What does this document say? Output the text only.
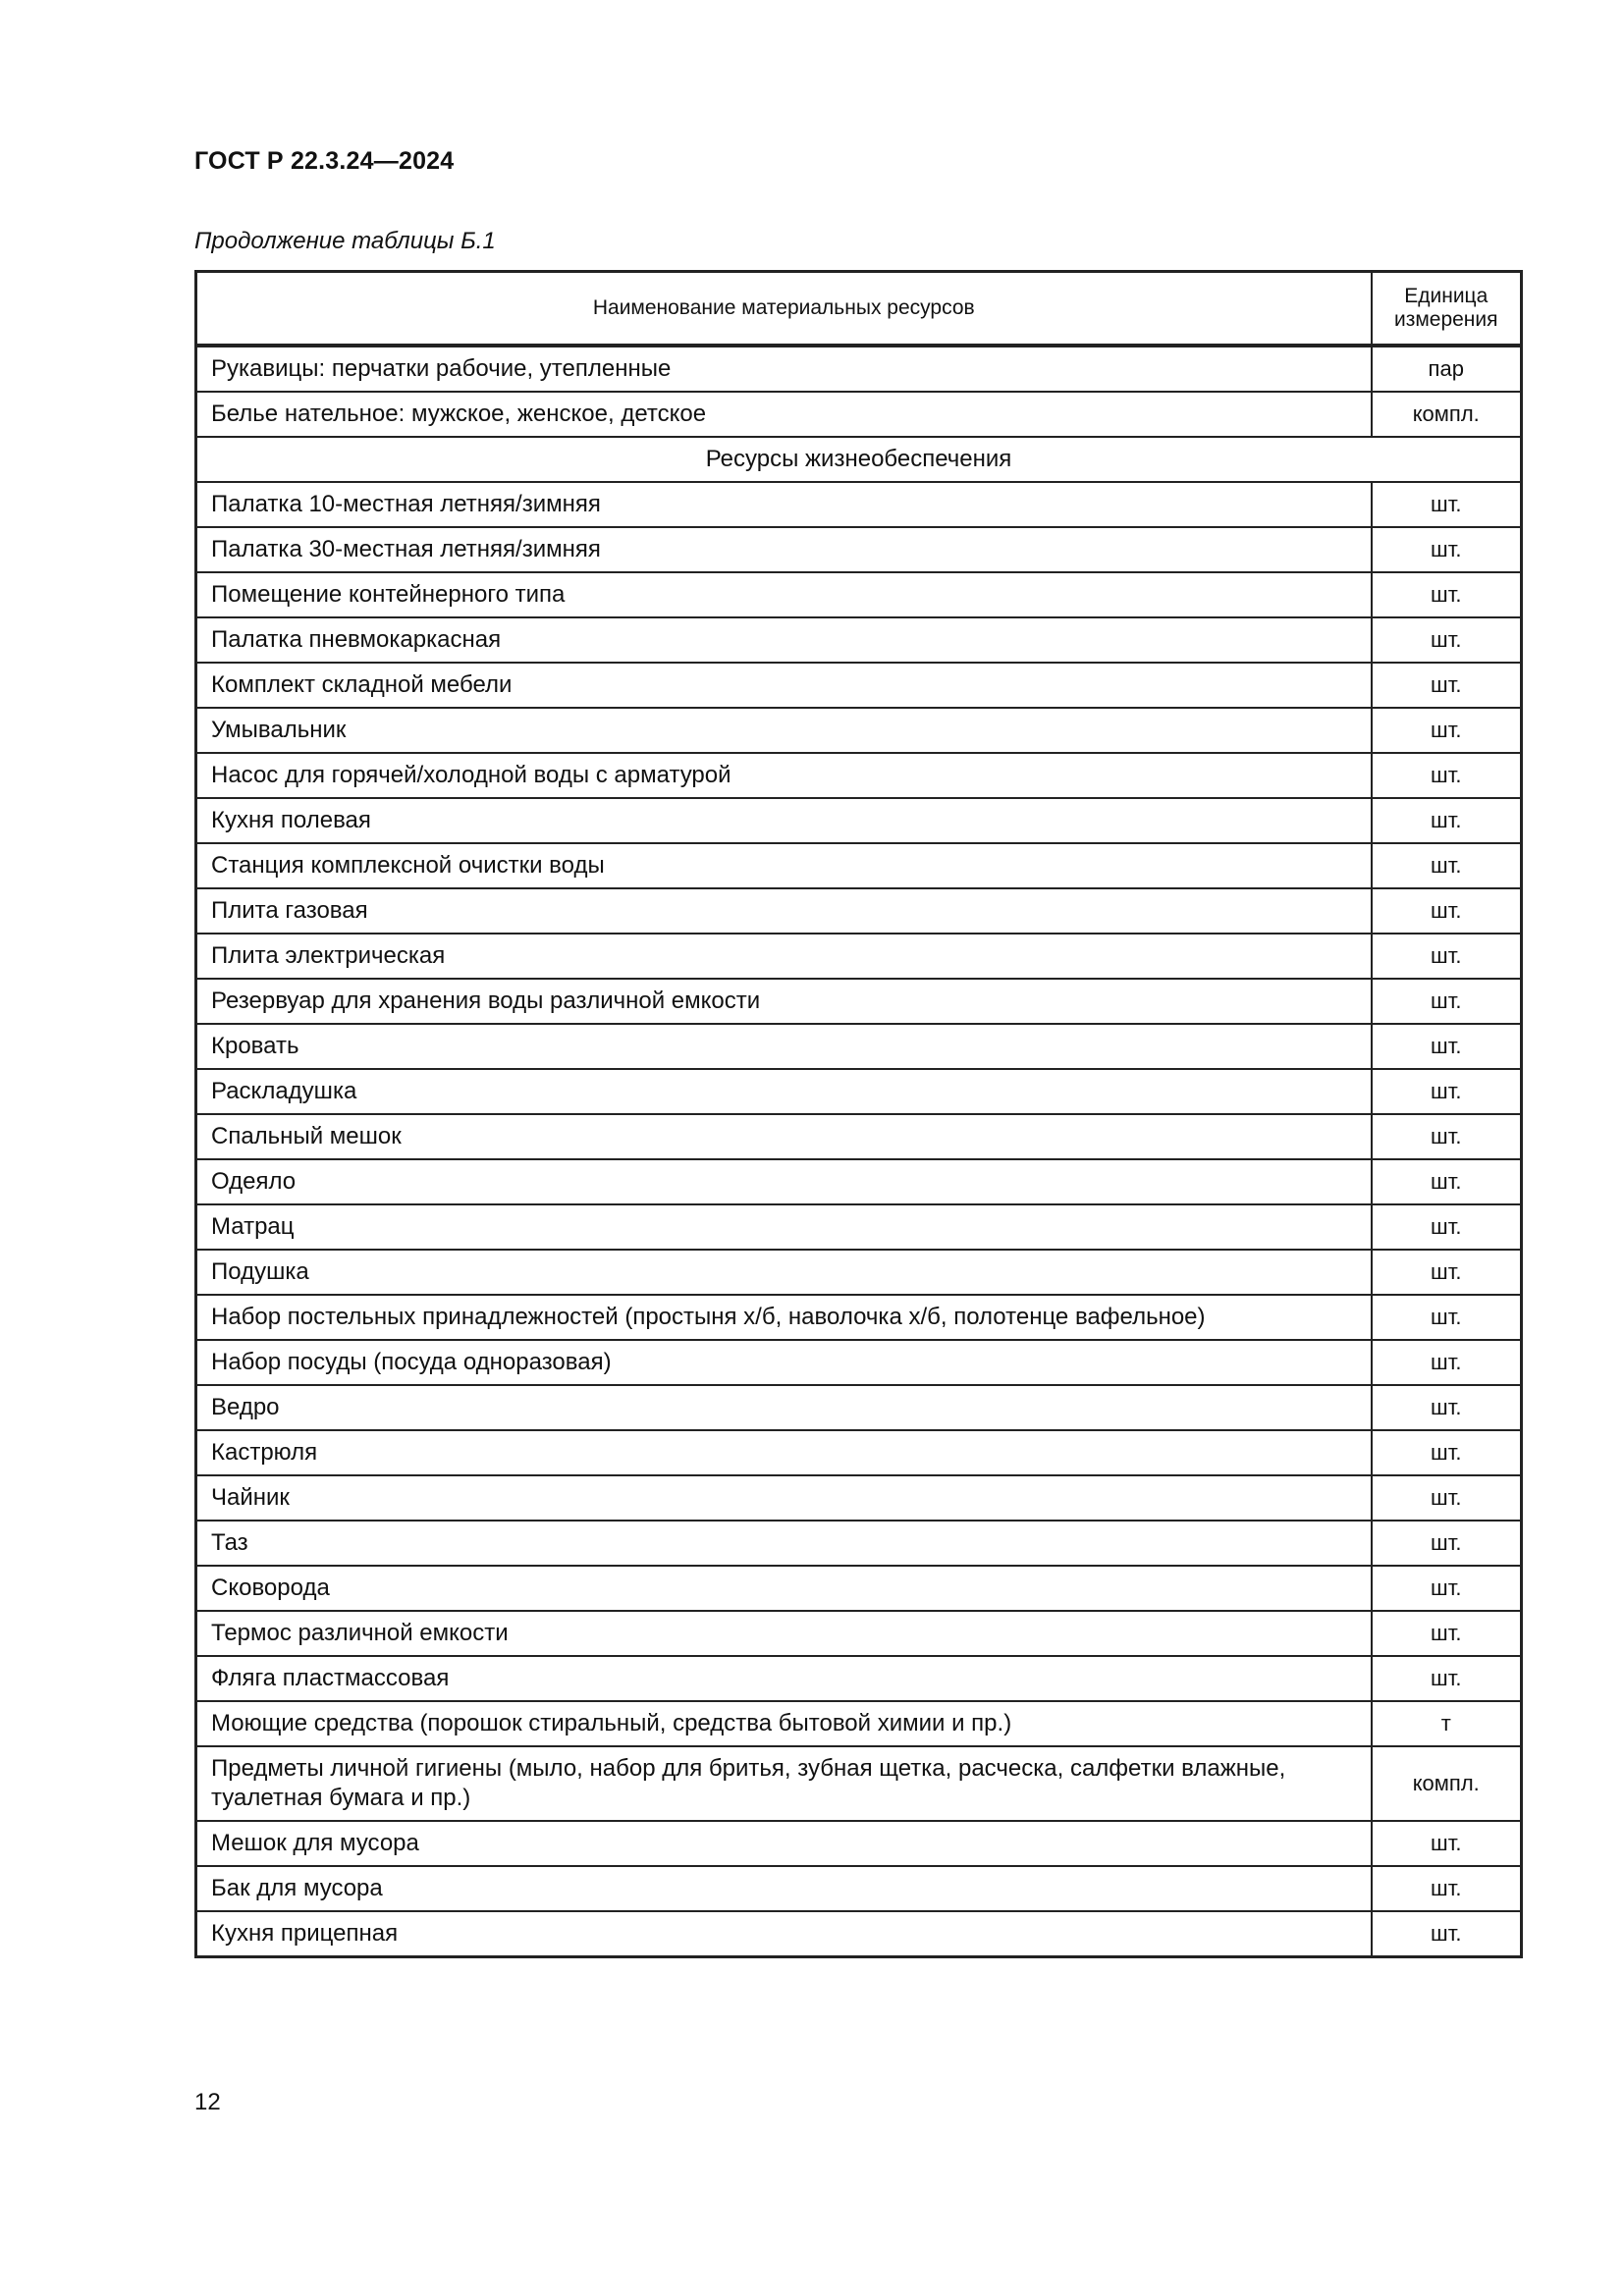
ГОСТ Р 22.3.24—2024
Продолжение таблицы Б.1
Наименование материальных ресурсов	Единица измерения
Рукавицы: перчатки рабочие, утепленные	пар
Белье нательное: мужское, женское, детское	компл.
Ресурсы жизнеобеспечения	
Палатка 10-местная летняя/зимняя	шт.
Палатка 30-местная летняя/зимняя	шт.
Помещение контейнерного типа	шт.
Палатка пневмокаркасная	шт.
Комплект складной мебели	шт.
Умывальник	шт.
Насос для горячей/холодной воды с арматурой	шт.
Кухня полевая	шт.
Станция комплексной очистки воды	шт.
Плита газовая	шт.
Плита электрическая	шт.
Резервуар для хранения воды различной емкости	шт.
Кровать	шт.
Раскладушка	шт.
Спальный мешок	шт.
Одеяло	шт.
Матрац	шт.
Подушка	шт.
Набор постельных принадлежностей (простыня х/б, наволочка х/б, полотенце вафельное)	шт.
Набор посуды (посуда одноразовая)	шт.
Ведро	шт.
Кастрюля	шт.
Чайник	шт.
Таз	шт.
Сковорода	шт.
Термос различной емкости	шт.
Фляга пластмассовая	шт.
Моющие средства (порошок стиральный, средства бытовой химии и пр.)	т
Предметы личной гигиены (мыло, набор для бритья, зубная щетка, расческа, салфетки влажные, туалетная бумага и пр.)	компл.
Мешок для мусора	шт.
Бак для мусора	шт.
Кухня прицепная	шт.
12
